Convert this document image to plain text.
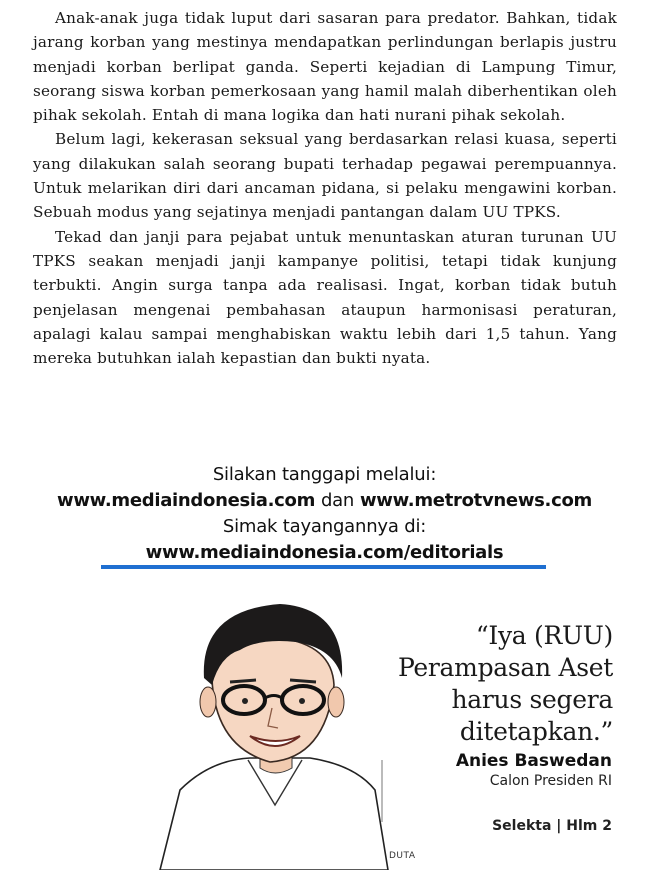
Anak-anak juga tidak luput dari sasaran para predator. Bahkan, tidak jarang korban yang mestinya mendapatkan perlindungan berlapis justru menjadi korban berlipat ganda. Seperti kejadian di Lampung Timur, seorang siswa korban pemerkosaan yang hamil malah diberhentikan oleh pihak sekolah. Entah di mana logika dan hati nurani pihak sekolah.

Belum lagi, kekerasan seksual yang berdasarkan relasi kuasa, seperti yang dilakukan salah seorang bupati terhadap pegawai perempuannya. Untuk melarikan diri dari ancaman pidana, si pelaku mengawini korban. Sebuah modus yang sejatinya menjadi pantangan dalam UU TPKS.

Tekad dan janji para pejabat untuk menuntaskan aturan turunan UU TPKS seakan menjadi janji kampanye politisi, tetapi tidak kunjung terbukti. Angin surga tanpa ada realisasi. Ingat, korban tidak butuh penjelasan mengenai pembahasan ataupun harmonisasi peraturan, apalagi kalau sampai menghabiskan waktu lebih dari 1,5 tahun. Yang mereka butuhkan ialah kepastian dan bukti nyata.

Silakan tanggapi melalui:
www.mediaindonesia.com dan www.metrotvnews.com
Simak tayangannya di:
www.mediaindonesia.com/editorials
“Iya (RUU)
Perampasan Aset
harus segera
ditetapkan.”
Anies Baswedan
Calon Presiden RI
Selekta | Hlm 2
DUTA
